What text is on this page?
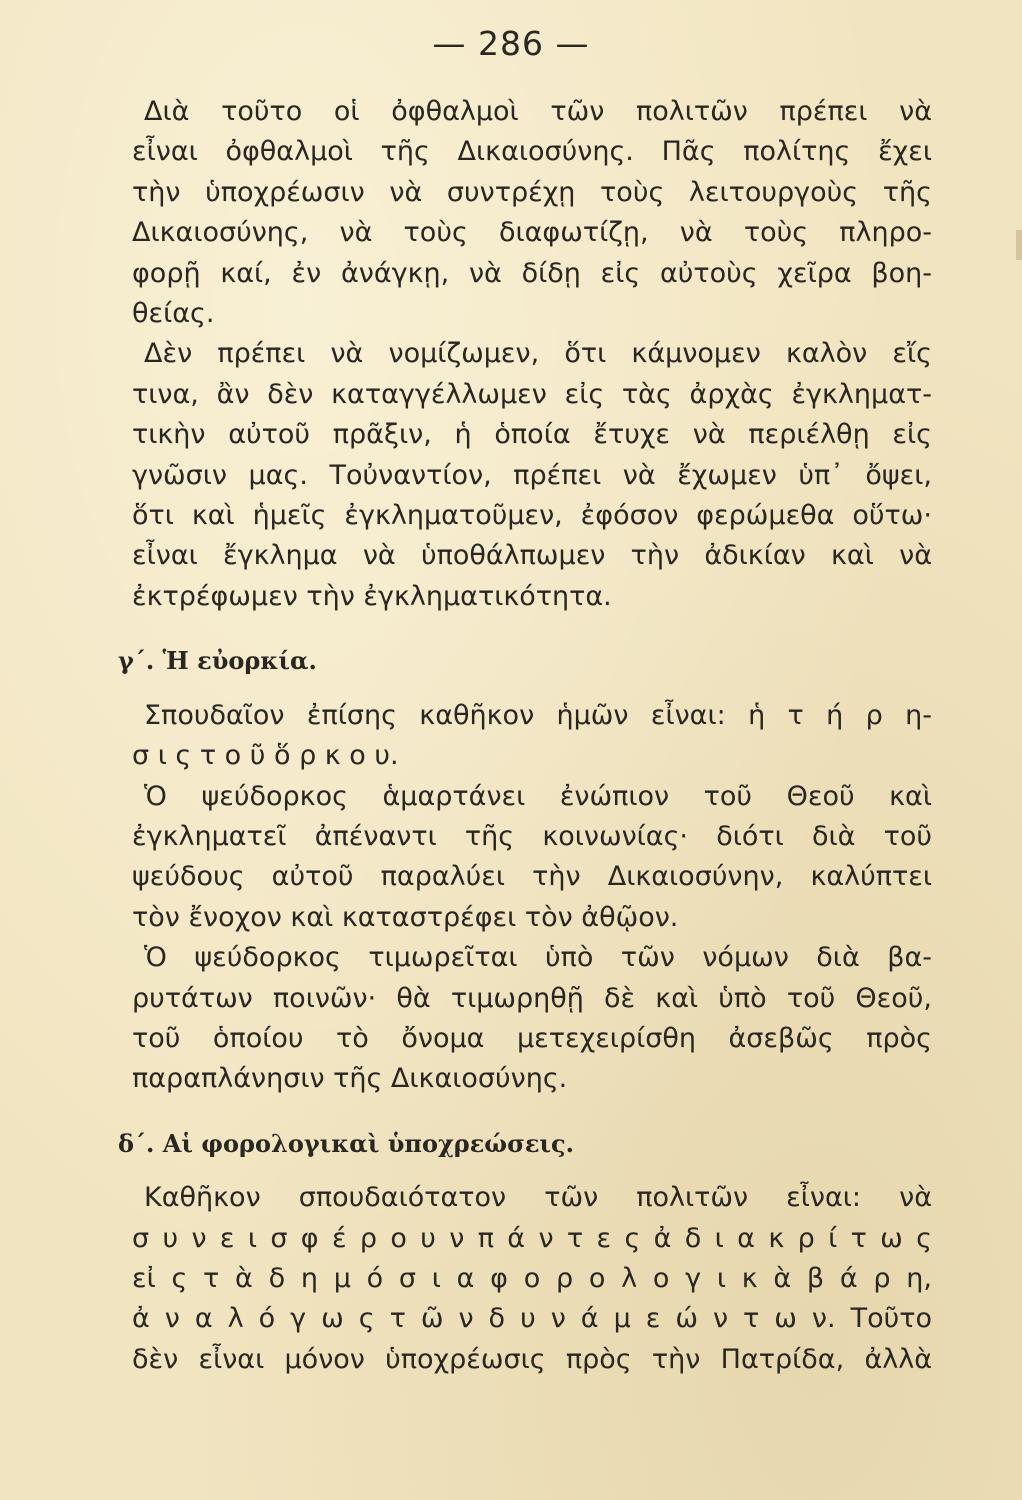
— 286 —
Διὰ τοῦτο οἱ ὀφθαλμοὶ τῶν πολιτῶν πρέπει νὰ
εἶναι ὀφθαλμοὶ τῆς Δικαιοσύνης. Πᾶς πολίτης ἔχει
τὴν ὑποχρέωσιν νὰ συντρέχῃ τοὺς λειτουργοὺς τῆς
Δικαιοσύνης, νὰ τοὺς διαφωτίζῃ, νὰ τοὺς πληρο-
φορῇ καί, ἐν ἀνάγκῃ, νὰ δίδῃ εἰς αὐτοὺς χεῖρα βοη-
θείας.
Δὲν πρέπει νὰ νομίζωμεν, ὅτι κάμνομεν καλὸν εἴς
τινα, ἂν δὲν καταγγέλλωμεν εἰς τὰς ἀρχὰς ἐγκληματ-
τικὴν αὐτοῦ πρᾶξιν, ἡ ὁποία ἔτυχε νὰ περιέλθῃ εἰς
γνῶσιν μας. Τοὐναντίον, πρέπει νὰ ἔχωμεν ὑπ᾽ ὄψει,
ὅτι καὶ ἡμεῖς ἐγκληματοῦμεν, ἐφόσον φερώμεθα οὕτω·
εἶναι ἔγκλημα νὰ ὑποθάλπωμεν τὴν ἀδικίαν καὶ νὰ
ἐκτρέφωμεν τὴν ἐγκληματικότητα.
γ΄. Ἡ εὐορκία.
Σπουδαῖον ἐπίσης καθῆκον ἡμῶν εἶναι: ἡ τ ή ρ η-
σ ι ς τ ο ῦ ὅ ρ κ ο υ.
Ὁ ψεύδορκος ἁμαρτάνει ἐνώπιον τοῦ Θεοῦ καὶ
ἐγκληματεῖ ἀπέναντι τῆς κοινωνίας· διότι διὰ τοῦ
ψεύδους αὐτοῦ παραλύει τὴν Δικαιοσύνην, καλύπτει
τὸν ἔνοχον καὶ καταστρέφει τὸν ἀθῷον.
Ὁ ψεύδορκος τιμωρεῖται ὑπὸ τῶν νόμων διὰ βα-
ρυτάτων ποινῶν· θὰ τιμωρηθῇ δὲ καὶ ὑπὸ τοῦ Θεοῦ,
τοῦ ὁποίου τὸ ὄνομα μετεχειρίσθη ἀσεβῶς πρὸς
παραπλάνησιν τῆς Δικαιοσύνης.
δ΄. Αἱ φορολογικαὶ ὑποχρεώσεις.
Καθῆκον σπουδαιότατον τῶν πολιτῶν εἶναι: νὰ
σ υ ν ε ι σ φ έ ρ ο υ ν π ά ν τ ε ς ἀ δ ι α κ ρ ί τ ω ς
εἰ ς τ ὰ δ η μ ό σ ι α φ ο ρ ο λ ο γ ι κ ὰ β ά ρ η,
ἀ ν α λ ό γ ω ς τ ῶ ν δ υ ν ά μ ε ώ ν τ ω ν. Τοῦτο
δὲν εἶναι μόνον ὑποχρέωσις πρὸς τὴν Πατρίδα, ἀλλὰ
